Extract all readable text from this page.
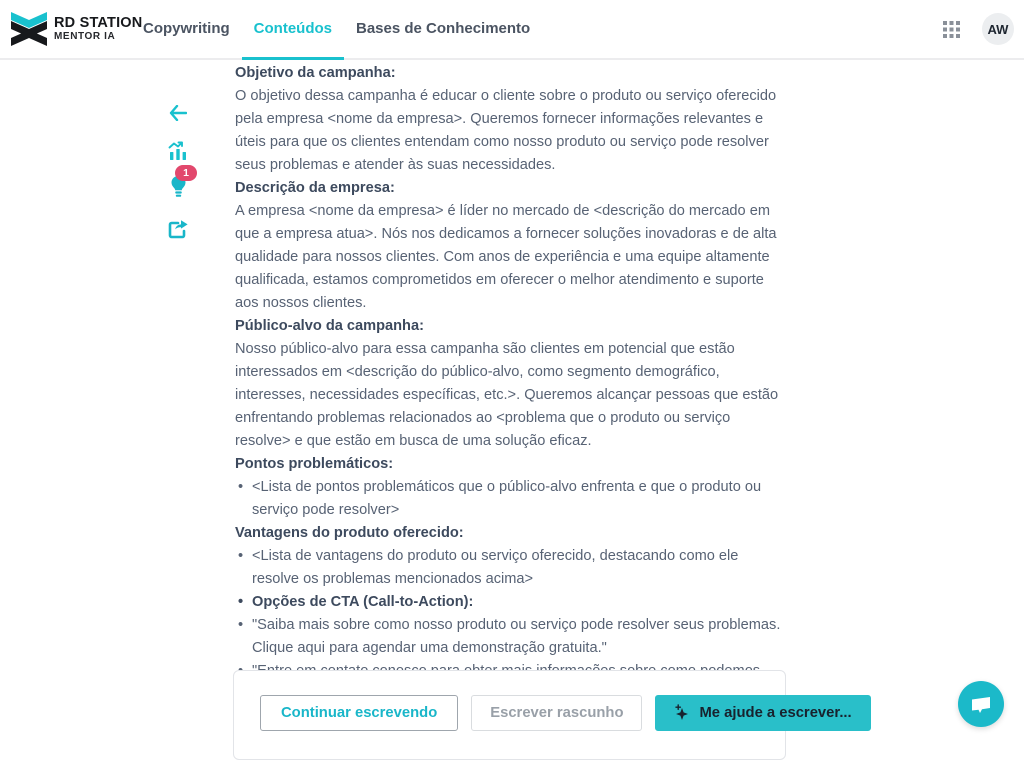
RD STATION
MENTOR IA	Copywriting	Conteúdos	Bases de Conhecimento	AW
1
Objetivo da campanha:
O objetivo dessa campanha é educar o cliente sobre o produto ou serviço oferecido pela empresa <nome da empresa>. Queremos fornecer informações relevantes e úteis para que os clientes entendam como nosso produto ou serviço pode resolver seus problemas e atender às suas necessidades.
Descrição da empresa:
A empresa <nome da empresa> é líder no mercado de <descrição do mercado em que a empresa atua>. Nós nos dedicamos a fornecer soluções inovadoras e de alta qualidade para nossos clientes. Com anos de experiência e uma equipe altamente qualificada, estamos comprometidos em oferecer o melhor atendimento e suporte aos nossos clientes.
Público-alvo da campanha:
Nosso público-alvo para essa campanha são clientes em potencial que estão interessados em <descrição do público-alvo, como segmento demográfico, interesses, necessidades específicas, etc.>. Queremos alcançar pessoas que estão enfrentando problemas relacionados ao <problema que o produto ou serviço resolve> e que estão em busca de uma solução eficaz.
Pontos problemáticos:
• <Lista de pontos problemáticos que o público-alvo enfrenta e que o produto ou serviço pode resolver>
Vantagens do produto oferecido:
• <Lista de vantagens do produto ou serviço oferecido, destacando como ele resolve os problemas mencionados acima>
• Opções de CTA (Call-to-Action):
• "Saiba mais sobre como nosso produto ou serviço pode resolver seus problemas. Clique aqui para agendar uma demonstração gratuita."
•
Continuar escrevendo	Escrever rascunho	Me ajude a escrever...
